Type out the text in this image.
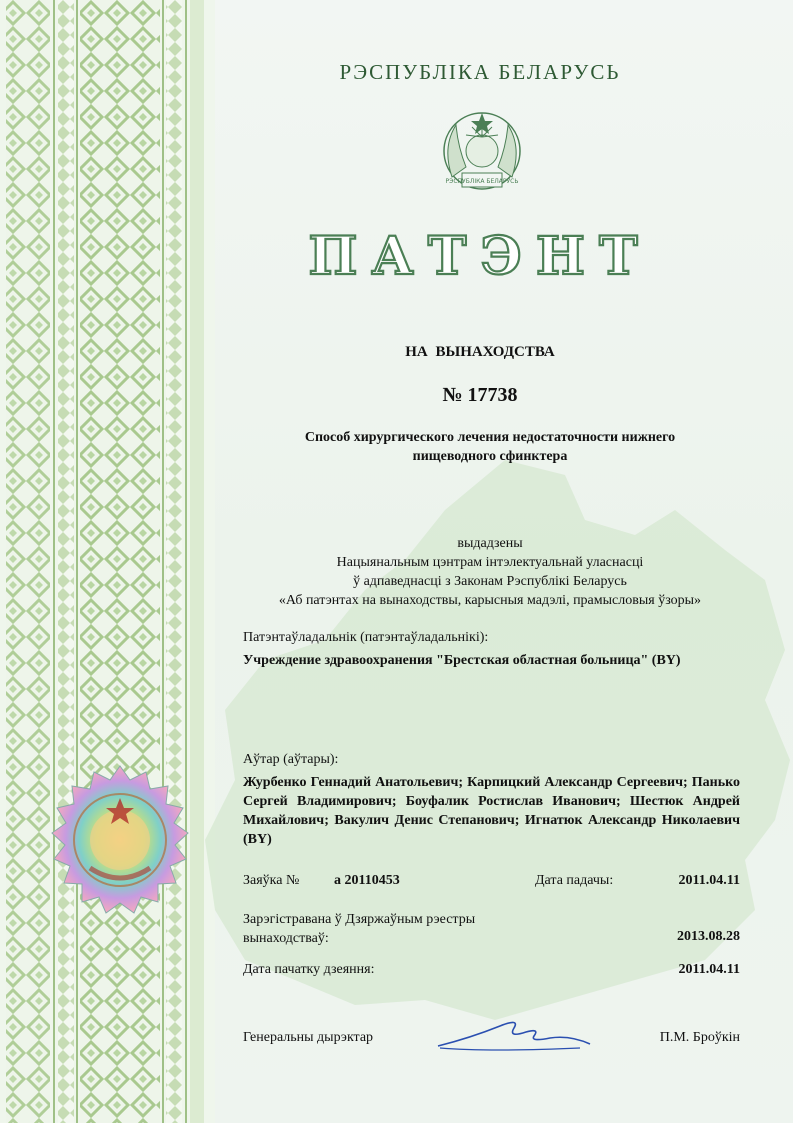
РЭСПУБЛІКА БЕЛАРУСЬ
РЭСПУБЛІКА БЕЛАРУСЬ
ПАТЭНТ
НА ВЫНАХОДСТВА
№ 17738
Способ хирургического лечения недостаточности нижнего
пищеводного сфинктера
выдадзены
Нацыянальным цэнтрам інтэлектуальнай уласнасці
ў адпаведнасці з Законам Рэспублікі Беларусь
«Аб патэнтах на вынаходствы, карысныя мадэлі, прамысловыя ўзоры»
Патэнтаўладальнік (патэнтаўладальнікі):
Учреждение здравоохранения "Брестская областная больница" (BY)
Аўтар (аўтары):
Журбенко Геннадий Анатольевич; Карпицкий Александр Сергеевич; Панько Сергей Владимирович; Боуфалик Ростислав Иванович; Шестюк Андрей Михайлович; Вакулич Денис Степанович; Игнатюк Александр Николаевич (BY)
Заяўка № а 20110453	Дата падачы:	2011.04.11
Зарэгістравана ў Дзяржаўным рэестры
вынаходстваў:	2013.08.28
Дата пачатку дзеяння:	2011.04.11
Генеральны дырэктар	П.М. Броўкін
